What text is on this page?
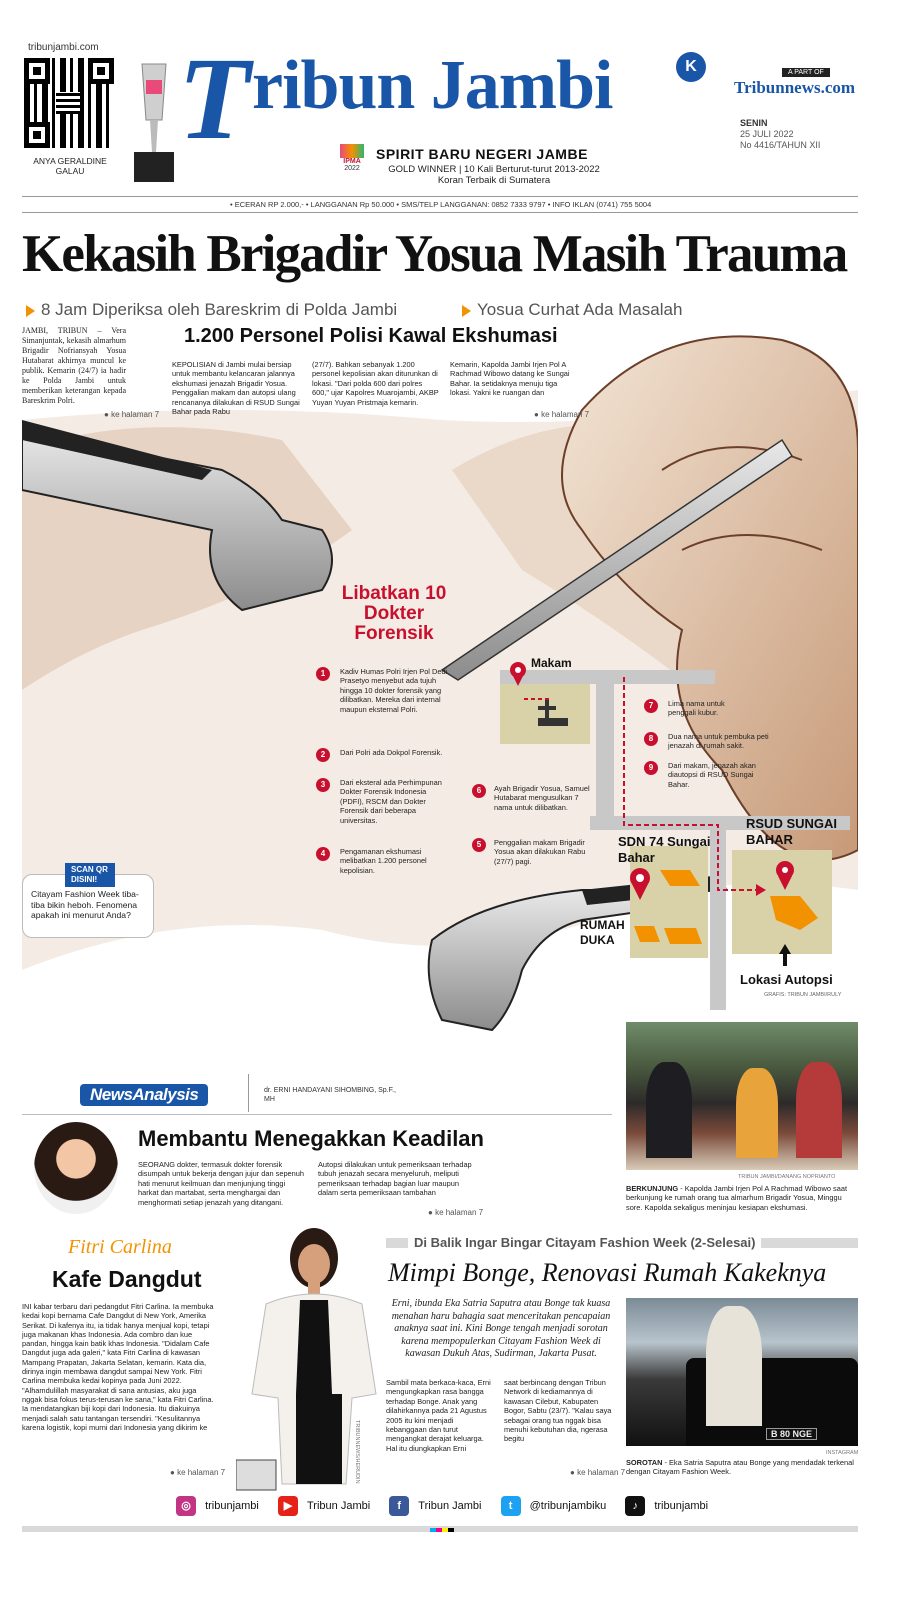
tribunjambi.com
ANYA GERALDINE
GALAU
T ribun Jambi	K
IPMA
2022
SPIRIT BARU NEGERI JAMBE
GOLD WINNER | 10 Kali Berturut-turut 2013-2022
Koran Terbaik di Sumatera
A PART OF
Tribunnews.com
SENIN
25 JULI 2022
No 4416/TAHUN XII
• ECERAN RP 2.000,- • LANGGANAN Rp 50.000 • SMS/TELP LANGGANAN: 0852 7333 9797 • INFO IKLAN (0741) 755 5004
Kekasih Brigadir Yosua Masih Trauma
8 Jam Diperiksa oleh Bareskrim di Polda Jambi	Yosua Curhat Ada Masalah
JAMBI, TRIBUN – Vera Simanjuntak, kekasih almarhum Brigadir Nofriansyah Yosua Hutabarat akhirnya muncul ke publik. Kemarin (24/7) ia hadir ke Polda Jambi untuk memberikan keterangan kepada Bareskrim Polri.
● ke halaman 7
1.200 Personel Polisi Kawal Ekshumasi
KEPOLISIAN di Jambi mulai bersiap untuk membantu kelancaran jalannya ekshumasi jenazah Brigadir Yosua. Penggalian makam dan autopsi ulang rencananya dilakukan di RSUD Sungai Bahar pada Rabu
(27/7). Bahkan sebanyak 1.200 personel kepolisian akan diturunkan di lokasi. "Dari polda 600 dari polres 600," ujar Kapolres Muarojambi, AKBP Yuyan Yuyan Pristmaja kemarin.
Kemarin, Kapolda Jambi Irjen Pol A Rachmad Wibowo datang ke Sungai Bahar. Ia setidaknya menuju tiga lokasi. Yakni ke ruangan dan
● ke halaman 7
Libatkan 10 Dokter Forensik
1	Kadiv Humas Polri Irjen Pol Dedi Prasetyo menyebut ada tujuh hingga 10 dokter forensik yang dilibatkan. Mereka dari internal maupun eksternal Polri.
2	Dari Polri ada Dokpol Forensik.
3	Dari eksteral ada Perhimpunan Dokter Forensik Indonesia (PDFI), RSCM dan Dokter Forensik dari beberapa universitas.
4	Pengamanan ekshumasi melibatkan 1.200 personel kepolisian.
5	Penggalian makam Brigadir Yosua akan dilakukan Rabu (27/7) pagi.
6	Ayah Brigadir Yosua, Samuel Hutabarat mengusulkan 7 nama untuk dilibatkan.
7	Lima nama untuk penggali kubur.
8	Dua nama untuk pembuka peti jenazah di rumah sakit.
9	Dari makam, jenazah akan diautopsi di RSUD Sungai Bahar.
Makam
SDN 74 Sungai Bahar
RSUD SUNGAI BAHAR
RUMAH DUKA
Lokasi Autopsi
GRAFIS: TRIBUN JAMBI/RULY
SCAN QR DISINI!
Citayam Fashion Week tiba-tiba bikin heboh. Fenomena apakah ini menurut Anda?
NewsAnalysis	dr. ERNI HANDAYANI SIHOMBING, Sp.F., MH
Membantu Menegakkan Keadilan
SEORANG dokter, termasuk dokter forensik disumpah untuk bekerja dengan jujur dan sepenuh hati menurut keilmuan dan menjunjung tinggi harkat dan martabat, serta menghargai dan menghormati setiap jenazah yang ditangani.
Autopsi dilakukan untuk pemeriksaan terhadap tubuh jenazah secara menyeluruh, meliputi pemeriksaan terhadap bagian luar maupun dalam serta pemeriksaan tambahan
● ke halaman 7
TRIBUN JAMBI/DANANG NOPRIANTO
BERKUNJUNG - Kapolda Jambi Irjen Pol A Rachmad Wibowo saat berkunjung ke rumah orang tua almarhum Brigadir Yosua, Minggu sore. Kapolda sekaligus meninjau kesiapan ekshumasi.
Fitri Carlina
Kafe Dangdut
INI kabar terbaru dari pedangdut Fitri Carlina. Ia membuka kedai kopi bernama Cafe Dangdut di New York, Amerika Serikat. Di kafenya itu, ia tidak hanya menjual kopi, tetapi juga makanan khas Indonesia. Ada combro dan kue pandan, hingga kain batik khas Indonesia. "Didalam Cafe Dangdut juga ada galeri," kata Fitri Carlina di kawasan Mampang Prapatan, Jakarta Selatan, kemarin. Kata dia, dirinya ingin membawa dangdut sampai New York. Fitri Carlina membuka kedai kopinya pada Juni 2022. "Alhamdulillah masyarakat di sana antusias, aku juga nggak bisa fokus terus-terusan ke sana," kata Fitri Carlina. Ia mendatangkan biji kopi dari Indonesia. Itu diakuinya menjadi salah satu tantangan tersendiri. "Kesulitannya karena logistik, kopi murni dari Indonesia yang dikirim ke
● ke halaman 7	TRIBUNNEWS/HERUDIN
Di Balik Ingar Bingar Citayam Fashion Week (2-Selesai)
Mimpi Bonge, Renovasi Rumah Kakeknya
Erni, ibunda Eka Satria Saputra atau Bonge tak kuasa menahan haru bahagia saat menceritakan pencapaian anaknya saat ini. Kini Bonge tengah menjadi sorotan karena mempopulerkan Citayam Fashion Week di kawasan Dukuh Atas, Sudirman, Jakarta Pusat.
Sambil mata berkaca-kaca, Erni mengungkapkan rasa bangga terhadap Bonge. Anak yang dilahirkannya pada 21 Agustus 2005 itu kini menjadi kebanggaan dan turut mengangkat derajat keluarga. Hal itu diungkapkan Erni
saat berbincang dengan Tribun Network di kediamannya di kawasan Cilebut, Kabupaten Bogor, Sabtu (23/7). "Kalau saya sebagai orang tua nggak bisa menuhi kebutuhan dia, ngerasa begitu
● ke halaman 7
B 80 NGE
INSTAGRAM
SOROTAN - Eka Satria Saputra atau Bonge yang mendadak terkenal dengan Citayam Fashion Week.
◎ tribunjambi ▶ Tribun Jambi f Tribun Jambi t @tribunjambiku ♪ tribunjambi
